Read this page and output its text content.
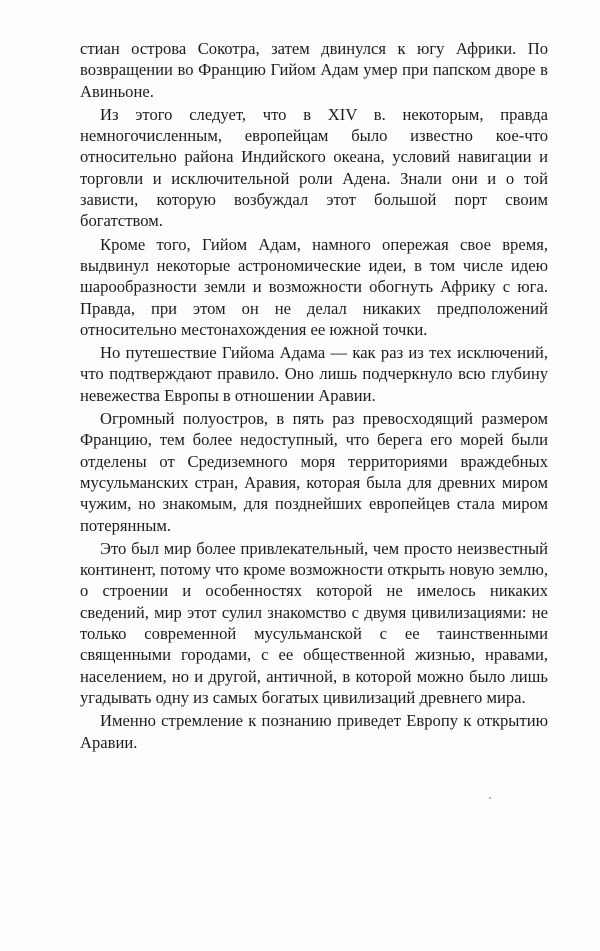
стиан острова Сокотра, затем двинулся к югу Африки. По возвращении во Францию Гийом Адам умер при папском дворе в Авиньоне.

Из этого следует, что в XIV в. некоторым, правда немногочисленным, европейцам было известно кое-что относительно района Индийского океана, условий навигации и торговли и исключительной роли Адена. Знали они и о той зависти, которую возбуждал этот большой порт своим богатством.

Кроме того, Гийом Адам, намного опережая свое время, выдвинул некоторые астрономические идеи, в том числе идею шарообразности земли и возможности обогнуть Африку с юга. Правда, при этом он не делал никаких предположений относительно местонахождения ее южной точки.

Но путешествие Гийома Адама — как раз из тех исключений, что подтверждают правило. Оно лишь подчеркнуло всю глубину невежества Европы в отношении Аравии.

Огромный полуостров, в пять раз превосходящий размером Францию, тем более недоступный, что берега его морей были отделены от Средиземного моря территориями враждебных мусульманских стран, Аравия, которая была для древних миром чужим, но знакомым, для позднейших европейцев стала миром потерянным.

Это был мир более привлекательный, чем просто неизвестный континент, потому что кроме возможности открыть новую землю, о строении и особенностях которой не имелось никаких сведений, мир этот сулил знакомство с двумя цивилизациями: не только современной мусульманской с ее таинственными священными городами, с ее общественной жизнью, нравами, населением, но и другой, античной, в которой можно было лишь угадывать одну из самых богатых цивилизаций древнего мира.

Именно стремление к познанию приведет Европу к открытию Аравии.
